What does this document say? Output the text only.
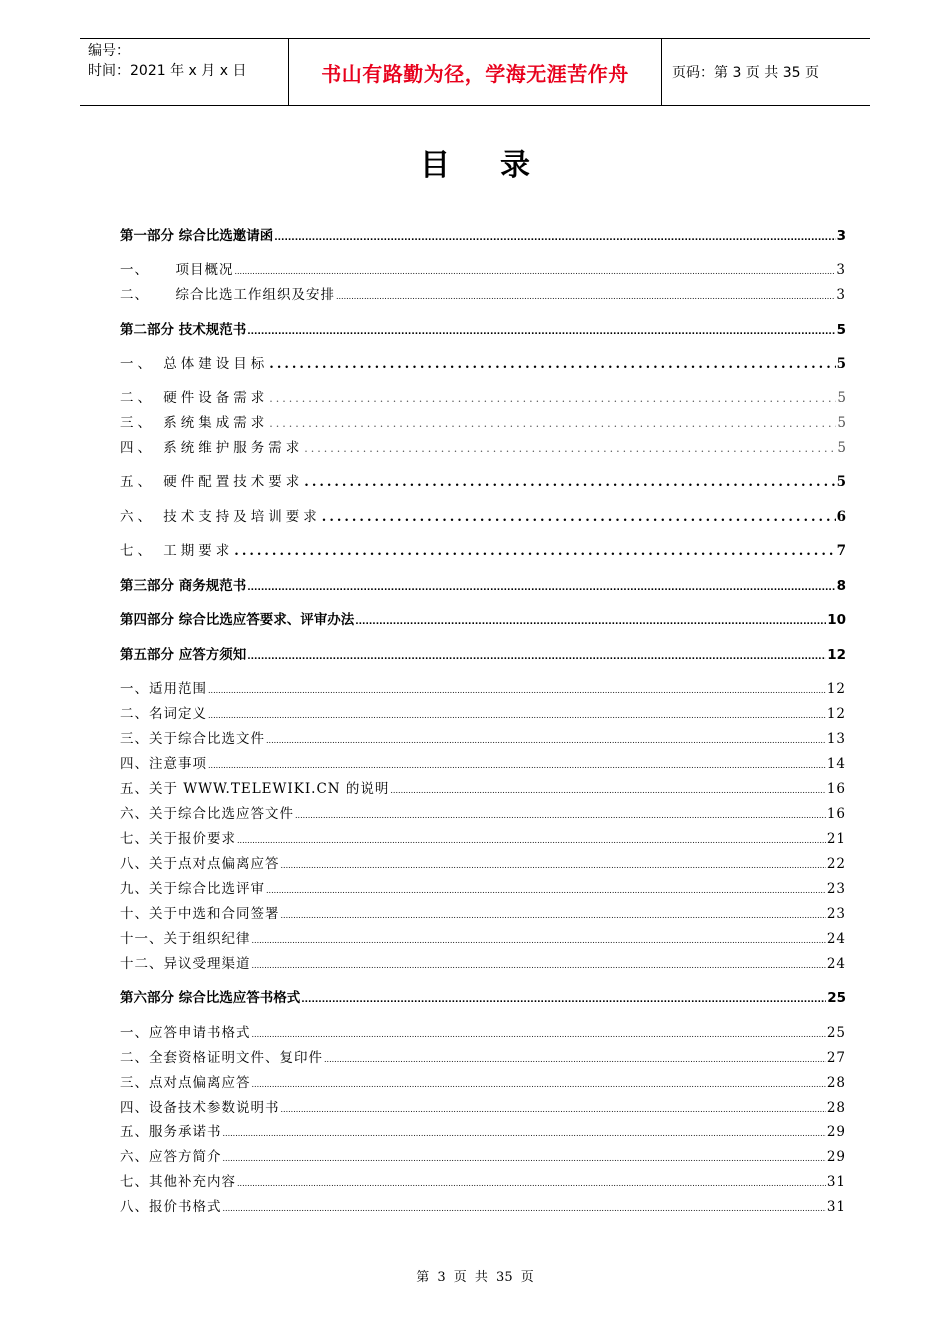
编号：
时间：2021 年 x 月 x 日	书山有路勤为径，学海无涯苦作舟	页码：第 3 页 共 35 页
目录
第一部分 综合比选邀请函 .....	3
一、     项目概况 .....	3
二、     综合比选工作组织及安排 .....	3
第二部分 技术规范书 .....	5
一、 总体建设目标 .....	5
二、 硬件设备需求 .....	5
三、 系统集成需求 .....	5
四、 系统维护服务需求 .....	5
五、 硬件配置技术要求 .....	5
六、 技术支持及培训要求 .....	6
七、 工期要求 .....	7
第三部分 商务规范书 .....	8
第四部分 综合比选应答要求、评审办法 .....	10
第五部分 应答方须知 .....	12
一、适用范围 .....	12
二、名词定义 .....	12
三、关于综合比选文件 .....	13
四、注意事项 .....	14
五、关于 WWW.TELEWIKI.CN 的说明 .....	16
六、关于综合比选应答文件 .....	16
七、关于报价要求 .....	21
八、关于点对点偏离应答 .....	22
九、关于综合比选评审 .....	23
十、关于中选和合同签署 .....	23
十一、关于组织纪律 .....	24
十二、异议受理渠道 .....	24
第六部分 综合比选应答书格式 .....	25
一、应答申请书格式 .....	25
二、全套资格证明文件、复印件 .....	27
三、点对点偏离应答 .....	28
四、设备技术参数说明书 .....	28
五、服务承诺书 .....	29
六、应答方简介 .....	29
七、其他补充内容 .....	31
八、报价书格式 .....	31
第 3 页 共 35 页
